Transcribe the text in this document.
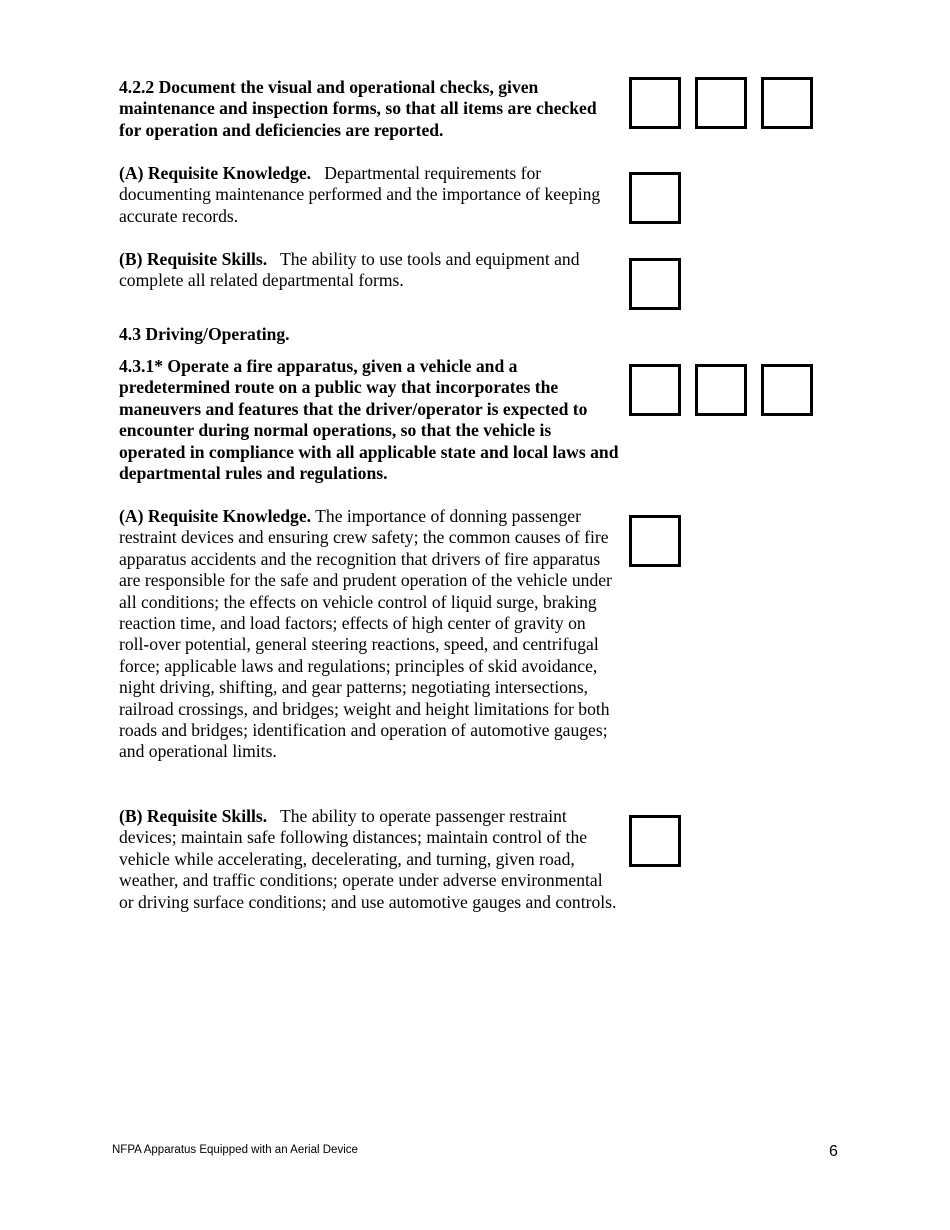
4.2.2 Document the visual and operational checks, given maintenance and inspection forms, so that all items are checked for operation and deficiencies are reported.
(A) Requisite Knowledge. Departmental requirements for documenting maintenance performed and the importance of keeping accurate records.
(B) Requisite Skills. The ability to use tools and equipment and complete all related departmental forms.
4.3 Driving/Operating.
4.3.1* Operate a fire apparatus, given a vehicle and a predetermined route on a public way that incorporates the maneuvers and features that the driver/operator is expected to encounter during normal operations, so that the vehicle is operated in compliance with all applicable state and local laws and departmental rules and regulations.
(A) Requisite Knowledge. The importance of donning passenger restraint devices and ensuring crew safety; the common causes of fire apparatus accidents and the recognition that drivers of fire apparatus are responsible for the safe and prudent operation of the vehicle under all conditions; the effects on vehicle control of liquid surge, braking reaction time, and load factors; effects of high center of gravity on roll-over potential, general steering reactions, speed, and centrifugal force; applicable laws and regulations; principles of skid avoidance, night driving, shifting, and gear patterns; negotiating intersections, railroad crossings, and bridges; weight and height limitations for both roads and bridges; identification and operation of automotive gauges; and operational limits.
(B) Requisite Skills. The ability to operate passenger restraint devices; maintain safe following distances; maintain control of the vehicle while accelerating, decelerating, and turning, given road, weather, and traffic conditions; operate under adverse environmental or driving surface conditions; and use automotive gauges and controls.
NFPA Apparatus Equipped with an Aerial Device	6
